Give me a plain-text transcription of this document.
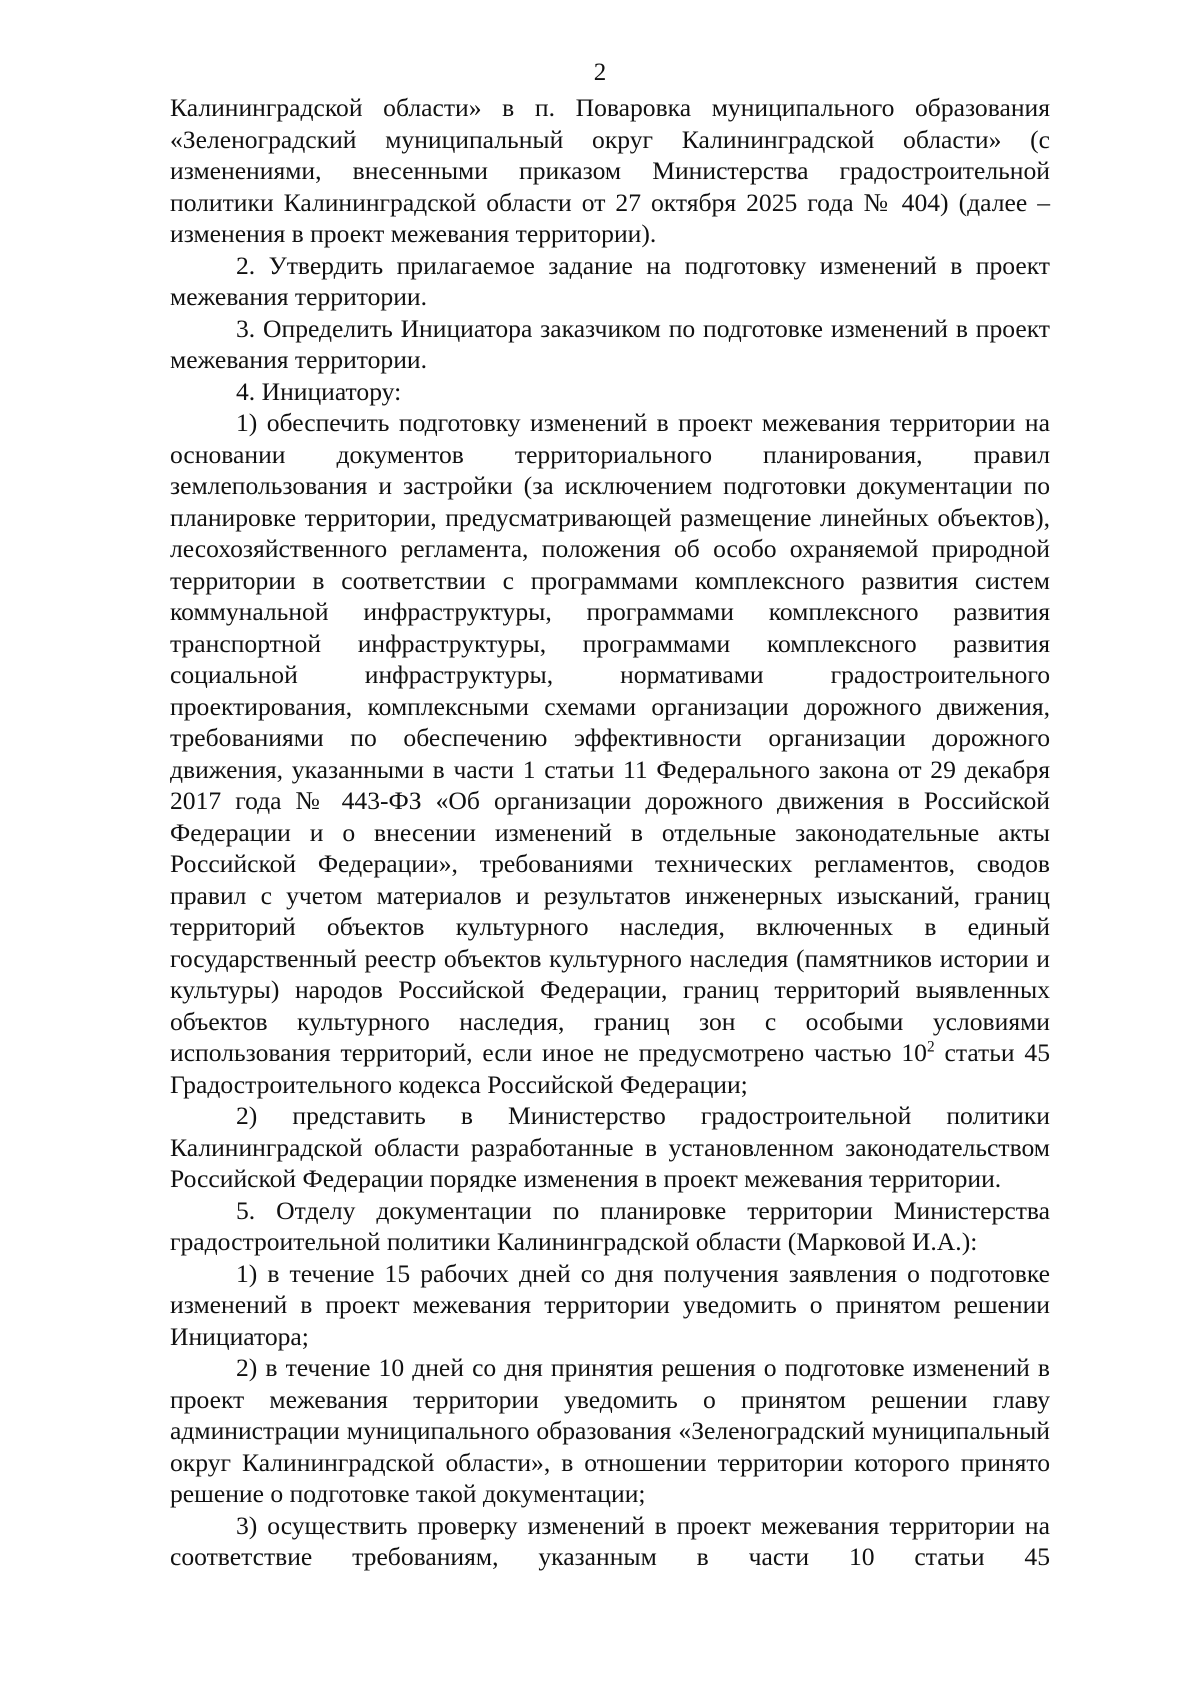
2

Калининградской области» в п. Поваровка муниципального образования «Зеленоградский муниципальный округ Калининградской области» (с изменениями, внесенными приказом Министерства градостроительной политики Калининградской области от 27 октября 2025 года № 404) (далее – изменения в проект межевания территории).

2. Утвердить прилагаемое задание на подготовку изменений в проект межевания территории.

3. Определить Инициатора заказчиком по подготовке изменений в проект межевания территории.

4. Инициатору:

1) обеспечить подготовку изменений в проект межевания территории на основании документов территориального планирования, правил землепользования и застройки (за исключением подготовки документации по планировке территории, предусматривающей размещение линейных объектов), лесохозяйственного регламента, положения об особо охраняемой природной территории в соответствии с программами комплексного развития систем коммунальной инфраструктуры, программами комплексного развития транспортной инфраструктуры, программами комплексного развития социальной инфраструктуры, нормативами градостроительного проектирования, комплексными схемами организации дорожного движения, требованиями по обеспечению эффективности организации дорожного движения, указанными в части 1 статьи 11 Федерального закона от 29 декабря 2017 года № 443-ФЗ «Об организации дорожного движения в Российской Федерации и о внесении изменений в отдельные законодательные акты Российской Федерации», требованиями технических регламентов, сводов правил с учетом материалов и результатов инженерных изысканий, границ территорий объектов культурного наследия, включенных в единый государственный реестр объектов культурного наследия (памятников истории и культуры) народов Российской Федерации, границ территорий выявленных объектов культурного наследия, границ зон с особыми условиями использования территорий, если иное не предусмотрено частью $10^2$ статьи 45 Градостроительного кодекса Российской Федерации;

2) представить в Министерство градостроительной политики Калининградской области разработанные в установленном законодательством Российской Федерации порядке изменения в проект межевания территории.

5. Отделу документации по планировке территории Министерства градостроительной политики Калининградской области (Марковой И.А.):

1) в течение 15 рабочих дней со дня получения заявления о подготовке изменений в проект межевания территории уведомить о принятом решении Инициатора;

2) в течение 10 дней со дня принятия решения о подготовке изменений в проект межевания территории уведомить о принятом решении главу администрации муниципального образования «Зеленоградский муниципальный округ Калининградской области», в отношении территории которого принято решение о подготовке такой документации;

3) осуществить проверку изменений в проект межевания территории на соответствие требованиям, указанным в части 10 статьи 45
